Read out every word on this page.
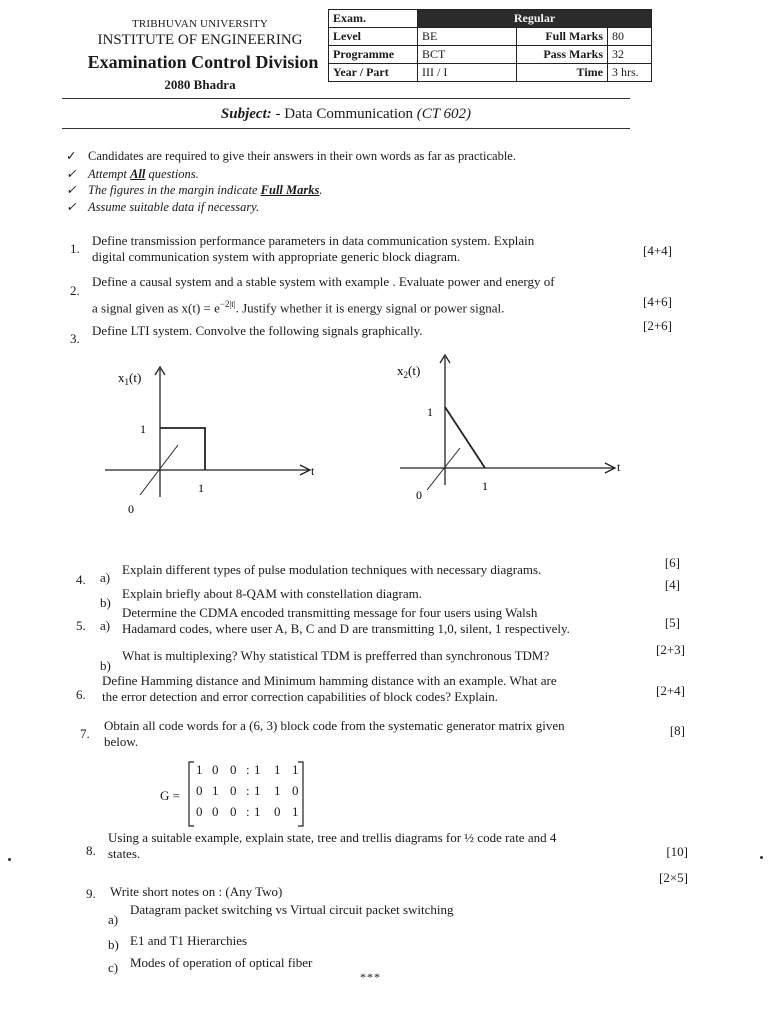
TRIBHUVAN UNIVERSITY
INSTITUTE OF ENGINEERING
Examination Control Division
2080 Bhadra
Exam.	Regular		
Level	BE	Full Marks	80
Programme	BCT	Pass Marks	32
Year / Part	III / I	Time	3 hrs.
Subject: - Data Communication (CT 602)
✓ Candidates are required to give their answers in their own words as far as practicable.
✓ Attempt All questions.
✓ The figures in the margin indicate Full Marks.
✓ Assume suitable data if necessary.
1.
Define transmission performance parameters in data communication system. Explain
digital communication system with appropriate generic block diagram.	[4+4]
2.
Define a causal system and a stable system with example . Evaluate power and energy of
a signal given as $x(t) = e^{-2|t|}$. Justify whether it is energy signal or power signal.	[4+6]
3.
Define LTI system. Convolve the following signals graphically.	[2+6]
$x_1(t)$
1
1
0
t
$x_2(t)$
1
1
0
t
4.	a)
Explain different types of pulse modulation techniques with necessary diagrams.	[6]
b)
Explain briefly about 8-QAM with constellation diagram.
[4]
5.	a)
Determine the CDMA encoded transmitting message for four users using Walsh
Hadamard codes, where user A, B, C and D are transmitting 1,0, silent, 1 respectively.	[5]
b)
What is multiplexing? Why statistical TDM is prefferred than synchronous TDM?	[2+3]
6.
Define Hamming distance and Minimum hamming distance with an example. What are
the error detection and error correction capabilities of block codes? Explain.	[2+4]
7.
Obtain all code words for a (6, 3) block code from the systematic generator matrix given
below.
[8]
G =
1 0 0 : 1 1 1
0 1 0 : 1 1 0
0 0 0 : 1 0 1
8.
Using a suitable example, explain state, tree and trellis diagrams for ½ code rate and 4
states.	[10]
9.	Write short notes on : (Any Two)
[2×5]
a)
Datagram packet switching vs Virtual circuit packet switching
b) E1 and T1 Hierarchies
c) Modes of operation of optical fiber
***
